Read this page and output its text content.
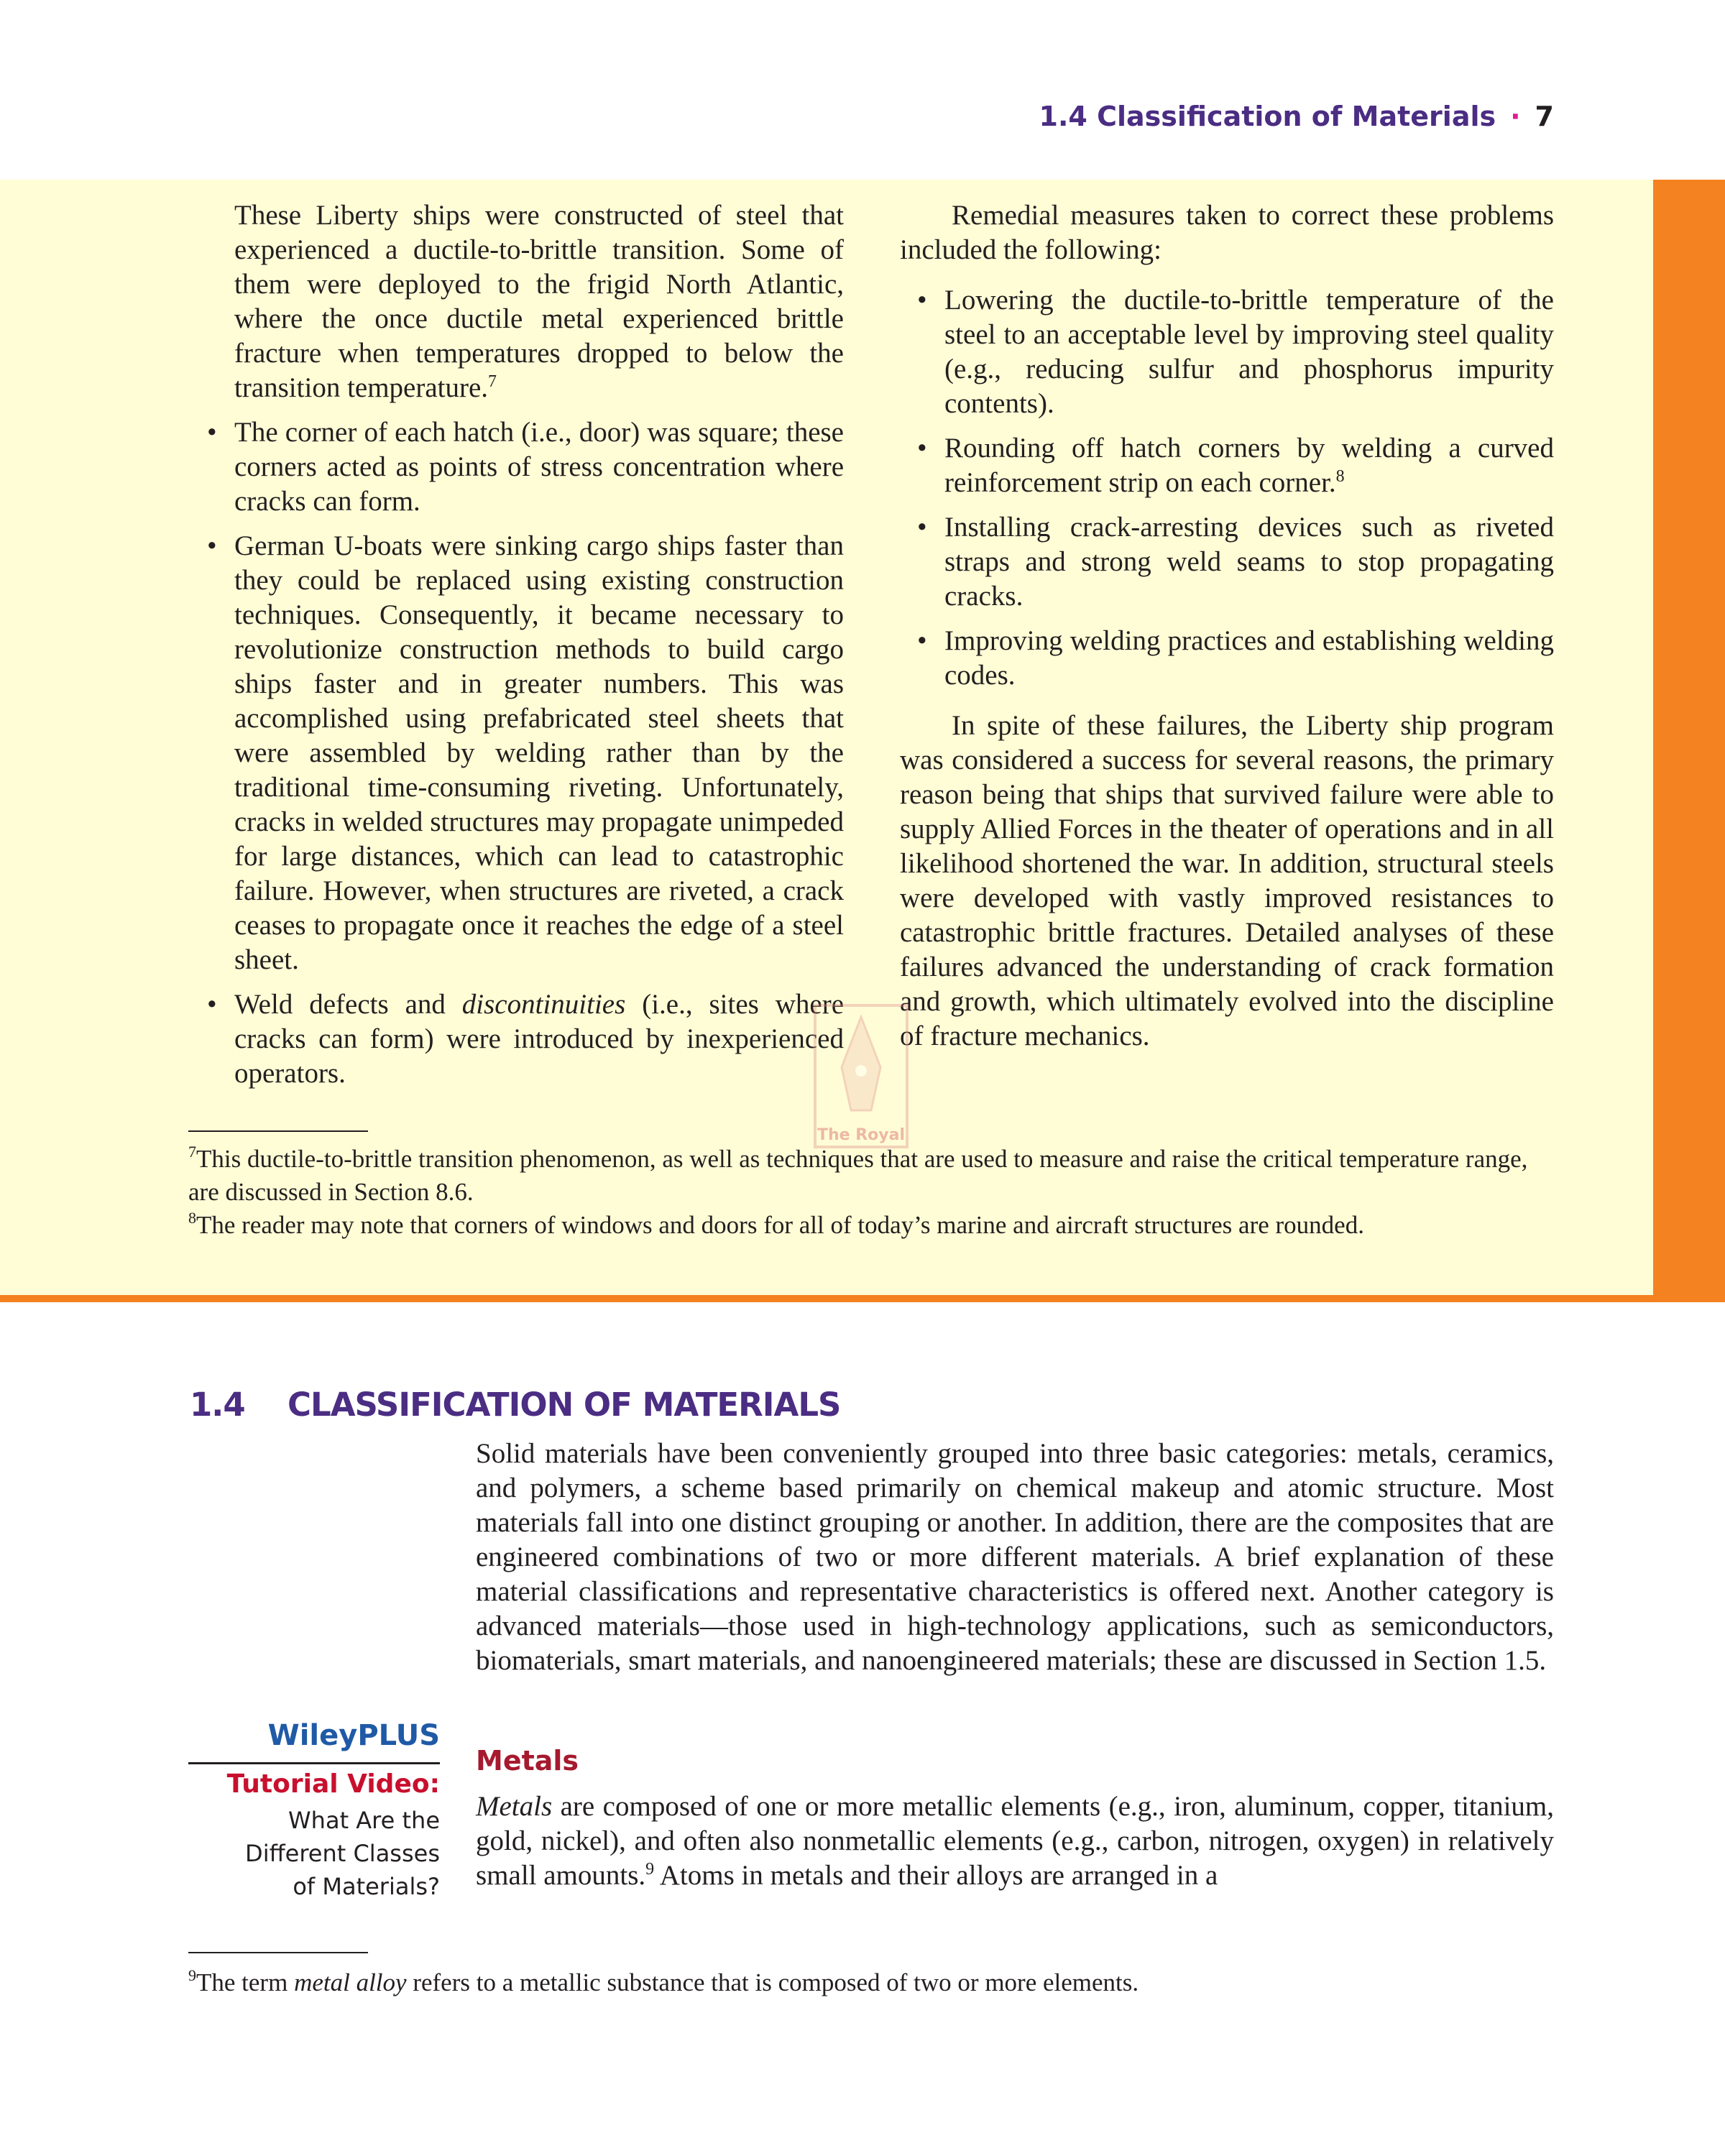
1.4 Classification of Materials · 7

These Liberty ships were constructed of steel that experienced a ductile-to-brittle transition. Some of them were deployed to the frigid North Atlantic, where the once ductile metal experienced brittle fracture when temperatures dropped to below the transition temperature.$^7$

• The corner of each hatch (i.e., door) was square; these corners acted as points of stress concentration where cracks can form.
• German U-boats were sinking cargo ships faster than they could be replaced using existing construction techniques. Consequently, it became necessary to revolutionize construction methods to build cargo ships faster and in greater numbers. This was accomplished using prefabricated steel sheets that were assembled by welding rather than by the traditional time-consuming riveting. Unfortunately, cracks in welded structures may propagate unimpeded for large distances, which can lead to catastrophic failure. However, when structures are riveted, a crack ceases to propagate once it reaches the edge of a steel sheet.
• Weld defects and discontinuities (i.e., sites where cracks can form) were introduced by inexperienced operators.

Remedial measures taken to correct these problems included the following:

• Lowering the ductile-to-brittle temperature of the steel to an acceptable level by improving steel quality (e.g., reducing sulfur and phosphorus impurity contents).
• Rounding off hatch corners by welding a curved reinforcement strip on each corner.$^8$
• Installing crack-arresting devices such as riveted straps and strong weld seams to stop propagating cracks.
• Improving welding practices and establishing welding codes.

In spite of these failures, the Liberty ship program was considered a success for several reasons, the primary reason being that ships that survived failure were able to supply Allied Forces in the theater of operations and in all likelihood shortened the war. In addition, structural steels were developed with vastly improved resistances to catastrophic brittle fractures. Detailed analyses of these failures advanced the understanding of crack formation and growth, which ultimately evolved into the discipline of fracture mechanics.

The Royal

$^7$This ductile-to-brittle transition phenomenon, as well as techniques that are used to measure and raise the critical temperature range, are discussed in Section 8.6.

$^8$The reader may note that corners of windows and doors for all of today’s marine and aircraft structures are rounded.

1.4 CLASSIFICATION OF MATERIALS

Solid materials have been conveniently grouped into three basic categories: metals, ceramics, and polymers, a scheme based primarily on chemical makeup and atomic structure. Most materials fall into one distinct grouping or another. In addition, there are the composites that are engineered combinations of two or more different materials. A brief explanation of these material classifications and representative characteristics is offered next. Another category is advanced materials—those used in high-technology applications, such as semiconductors, biomaterials, smart materials, and nanoengineered materials; these are discussed in Section 1.5.

WileyPLUS
Tutorial Video:
What Are the
Different Classes
of Materials?
Metals

Metals are composed of one or more metallic elements (e.g., iron, aluminum, copper, titanium, gold, nickel), and often also nonmetallic elements (e.g., carbon, nitrogen, oxygen) in relatively small amounts.$^9$ Atoms in metals and their alloys are arranged in a

$^9$The term metal alloy refers to a metallic substance that is composed of two or more elements.
